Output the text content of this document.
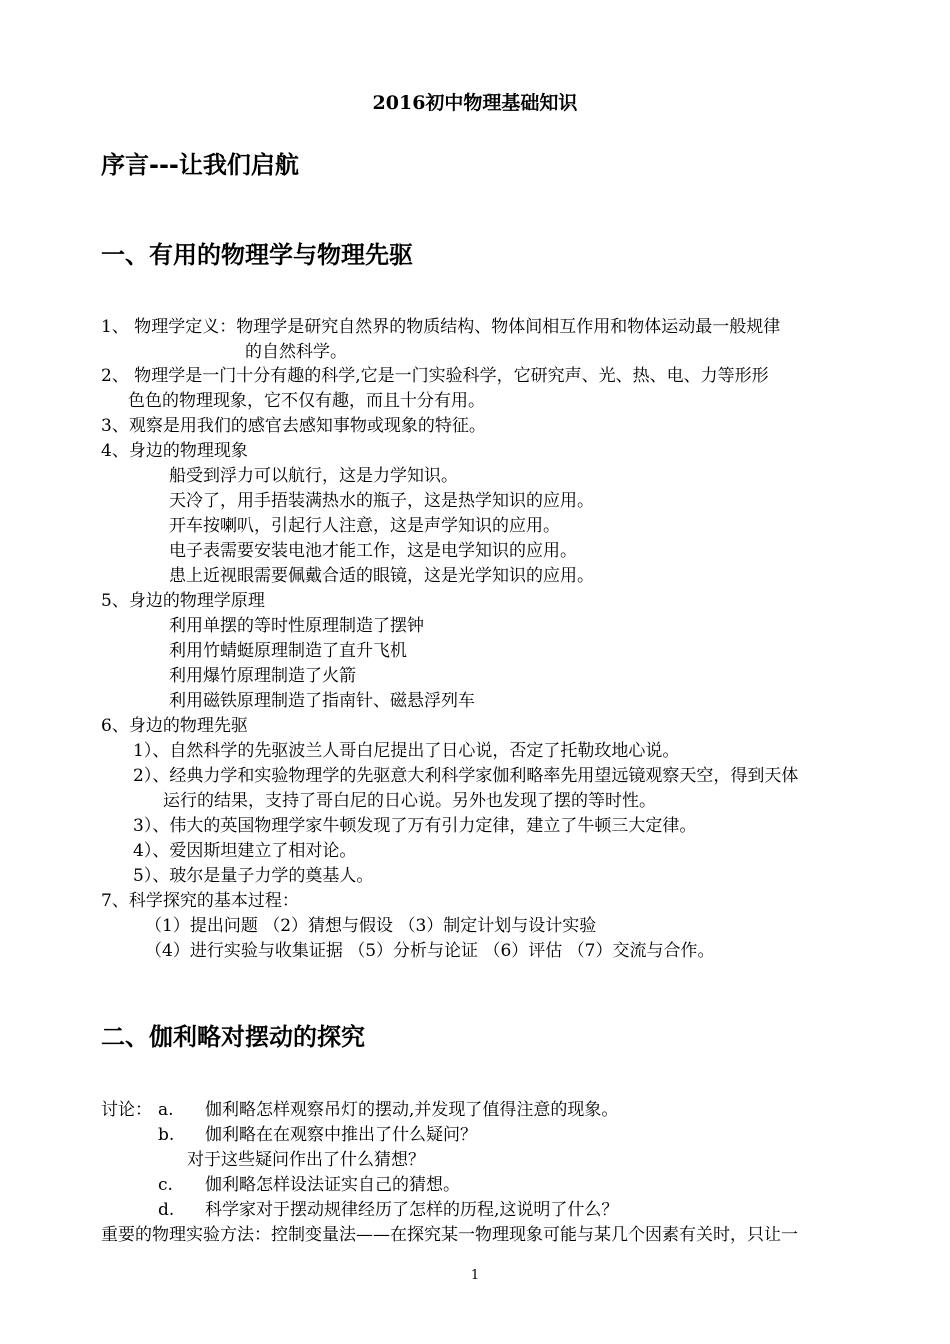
2016初中物理基础知识
序言---让我们启航
一、有用的物理学与物理先驱
1、 物理学定义：物理学是研究自然界的物质结构、物体间相互作用和物体运动最一般规律
的自然科学。
2、 物理学是一门十分有趣的科学,它是一门实验科学，它研究声、光、热、电、力等形形
色色的物理现象，它不仅有趣，而且十分有用。
3、观察是用我们的感官去感知事物或现象的特征。
4、身边的物理现象
船受到浮力可以航行，这是力学知识。
天冷了，用手捂装满热水的瓶子，这是热学知识的应用。
开车按喇叭，引起行人注意，这是声学知识的应用。
电子表需要安装电池才能工作，这是电学知识的应用。
患上近视眼需要佩戴合适的眼镜，这是光学知识的应用。
5、身边的物理学原理
利用单摆的等时性原理制造了摆钟
利用竹蜻蜓原理制造了直升飞机
利用爆竹原理制造了火箭
利用磁铁原理制造了指南针、磁悬浮列车
6、身边的物理先驱
1）、自然科学的先驱波兰人哥白尼提出了日心说，否定了托勒玫地心说。
2）、经典力学和实验物理学的先驱意大利科学家伽利略率先用望远镜观察天空，得到天体
运行的结果，支持了哥白尼的日心说。另外也发现了摆的等时性。
3）、伟大的英国物理学家牛顿发现了万有引力定律，建立了牛顿三大定律。
4）、爱因斯坦建立了相对论。
5）、玻尔是量子力学的奠基人。
7、科学探究的基本过程：
（1）提出问题 （2）猜想与假设 （3）制定计划与设计实验
（4）进行实验与收集证据 （5）分析与论证 （6）评估 （7）交流与合作。
二、伽利略对摆动的探究
讨论： a. 伽利略怎样观察吊灯的摆动,并发现了值得注意的现象。
b. 伽利略在在观察中推出了什么疑问？
对于这些疑问作出了什么猜想？
c. 伽利略怎样设法证实自己的猜想。
d. 科学家对于摆动规律经历了怎样的历程,这说明了什么？
重要的物理实验方法：控制变量法——在探究某一物理现象可能与某几个因素有关时，只让一
1
